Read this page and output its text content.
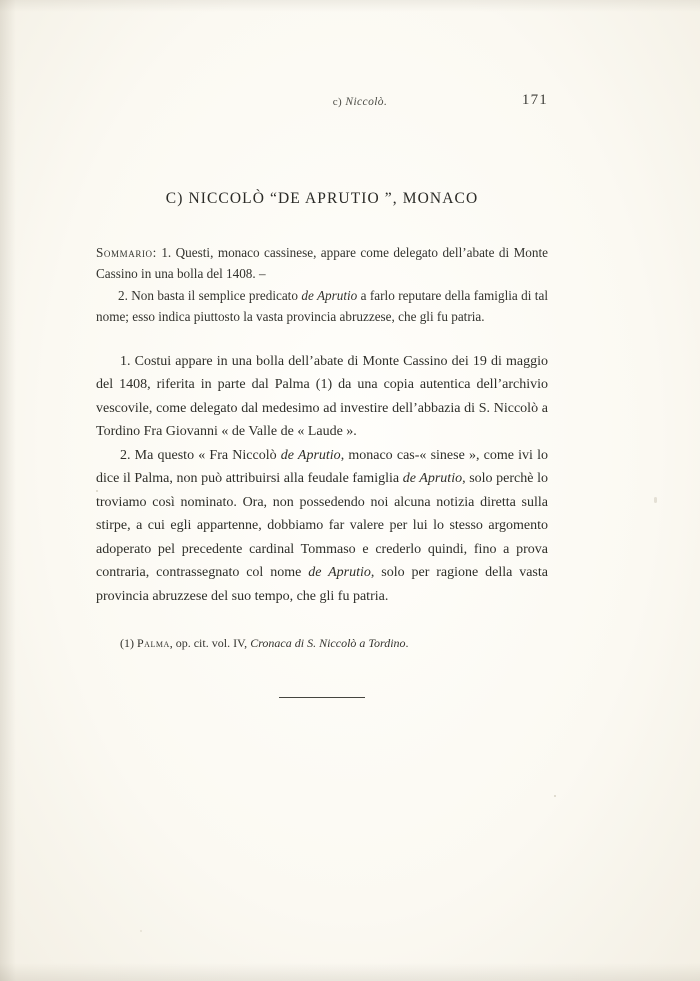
c) Niccolò.	171
C) NICCOLÒ “DE APRUTIO ”, MONACO
Sommario: 1. Questi, monaco cassinese, appare come delegato dell’abate di Monte Cassino in una bolla del 1408. –
2. Non basta il semplice predicato de Aprutio a farlo reputare della famiglia di tal nome; esso indica piuttosto la vasta provincia abruzzese, che gli fu patria.

1. Costui appare in una bolla dell’abate di Monte Cassino dei 19 di maggio del 1408, riferita in parte dal Palma (1) da una copia autentica dell’archivio vescovile, come delegato dal medesimo ad investire dell’abbazia di S. Niccolò a Tordino Fra Giovanni « de Valle de « Laude ».

2. Ma questo « Fra Niccolò de Aprutio, monaco cas-« sinese », come ivi lo dice il Palma, non può attribuirsi alla feudale famiglia de Aprutio, solo perchè lo troviamo così nominato. Ora, non possedendo noi alcuna notizia diretta sulla stirpe, a cui egli appartenne, dobbiamo far valere per lui lo stesso argomento adoperato pel precedente cardinal Tommaso e crederlo quindi, fino a prova contraria, contrassegnato col nome de Aprutio, solo per ragione della vasta provincia abruzzese del suo tempo, che gli fu patria.

(1) Palma, op. cit. vol. IV, Cronaca di S. Niccolò a Tordino.
